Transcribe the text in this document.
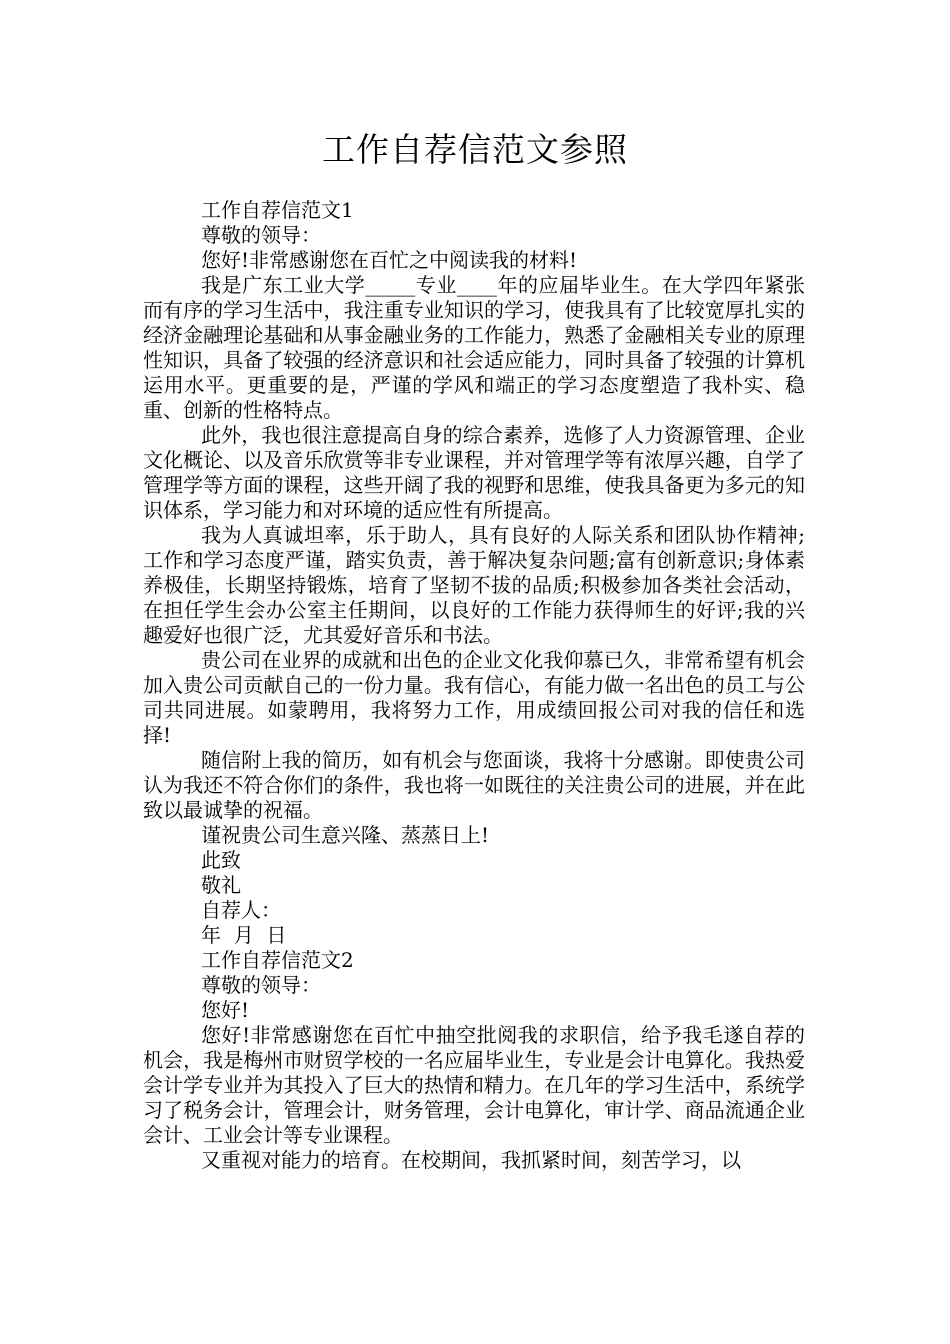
工作自荐信范文参照

工作自荐信范文1

尊敬的领导：

您好!非常感谢您在百忙之中阅读我的材料!

我是广东工业大学_____专业____年的应届毕业生。在大学四年紧张而有序的学习生活中，我注重专业知识的学习，使我具有了比较宽厚扎实的经济金融理论基础和从事金融业务的工作能力，熟悉了金融相关专业的原理性知识，具备了较强的经济意识和社会适应能力，同时具备了较强的计算机运用水平。更重要的是，严谨的学风和端正的学习态度塑造了我朴实、稳重、创新的性格特点。

此外，我也很注意提高自身的综合素养，选修了人力资源管理、企业文化概论、以及音乐欣赏等非专业课程，并对管理学等有浓厚兴趣，自学了管理学等方面的课程，这些开阔了我的视野和思维，使我具备更为多元的知识体系，学习能力和对环境的适应性有所提高。

我为人真诚坦率，乐于助人，具有良好的人际关系和团队协作精神;工作和学习态度严谨，踏实负责，善于解决复杂问题;富有创新意识;身体素养极佳，长期坚持锻炼，培育了坚韧不拔的品质;积极参加各类社会活动，在担任学生会办公室主任期间，以良好的工作能力获得师生的好评;我的兴趣爱好也很广泛，尤其爱好音乐和书法。

贵公司在业界的成就和出色的企业文化我仰慕已久，非常希望有机会加入贵公司贡献自己的一份力量。我有信心，有能力做一名出色的员工与公司共同进展。如蒙聘用，我将努力工作，用成绩回报公司对我的信任和选择!

随信附上我的简历，如有机会与您面谈，我将十分感谢。即使贵公司认为我还不符合你们的条件，我也将一如既往的关注贵公司的进展，并在此致以最诚挚的祝福。

谨祝贵公司生意兴隆、蒸蒸日上!

此致

敬礼

自荐人：

年  月  日

工作自荐信范文2

尊敬的领导：

您好!

您好!非常感谢您在百忙中抽空批阅我的求职信，给予我毛遂自荐的机会，我是梅州市财贸学校的一名应届毕业生，专业是会计电算化。我热爱会计学专业并为其投入了巨大的热情和精力。在几年的学习生活中，系统学习了税务会计，管理会计，财务管理，会计电算化，审计学、商品流通企业会计、工业会计等专业课程。

又重视对能力的培育。在校期间，我抓紧时间，刻苦学习，以
